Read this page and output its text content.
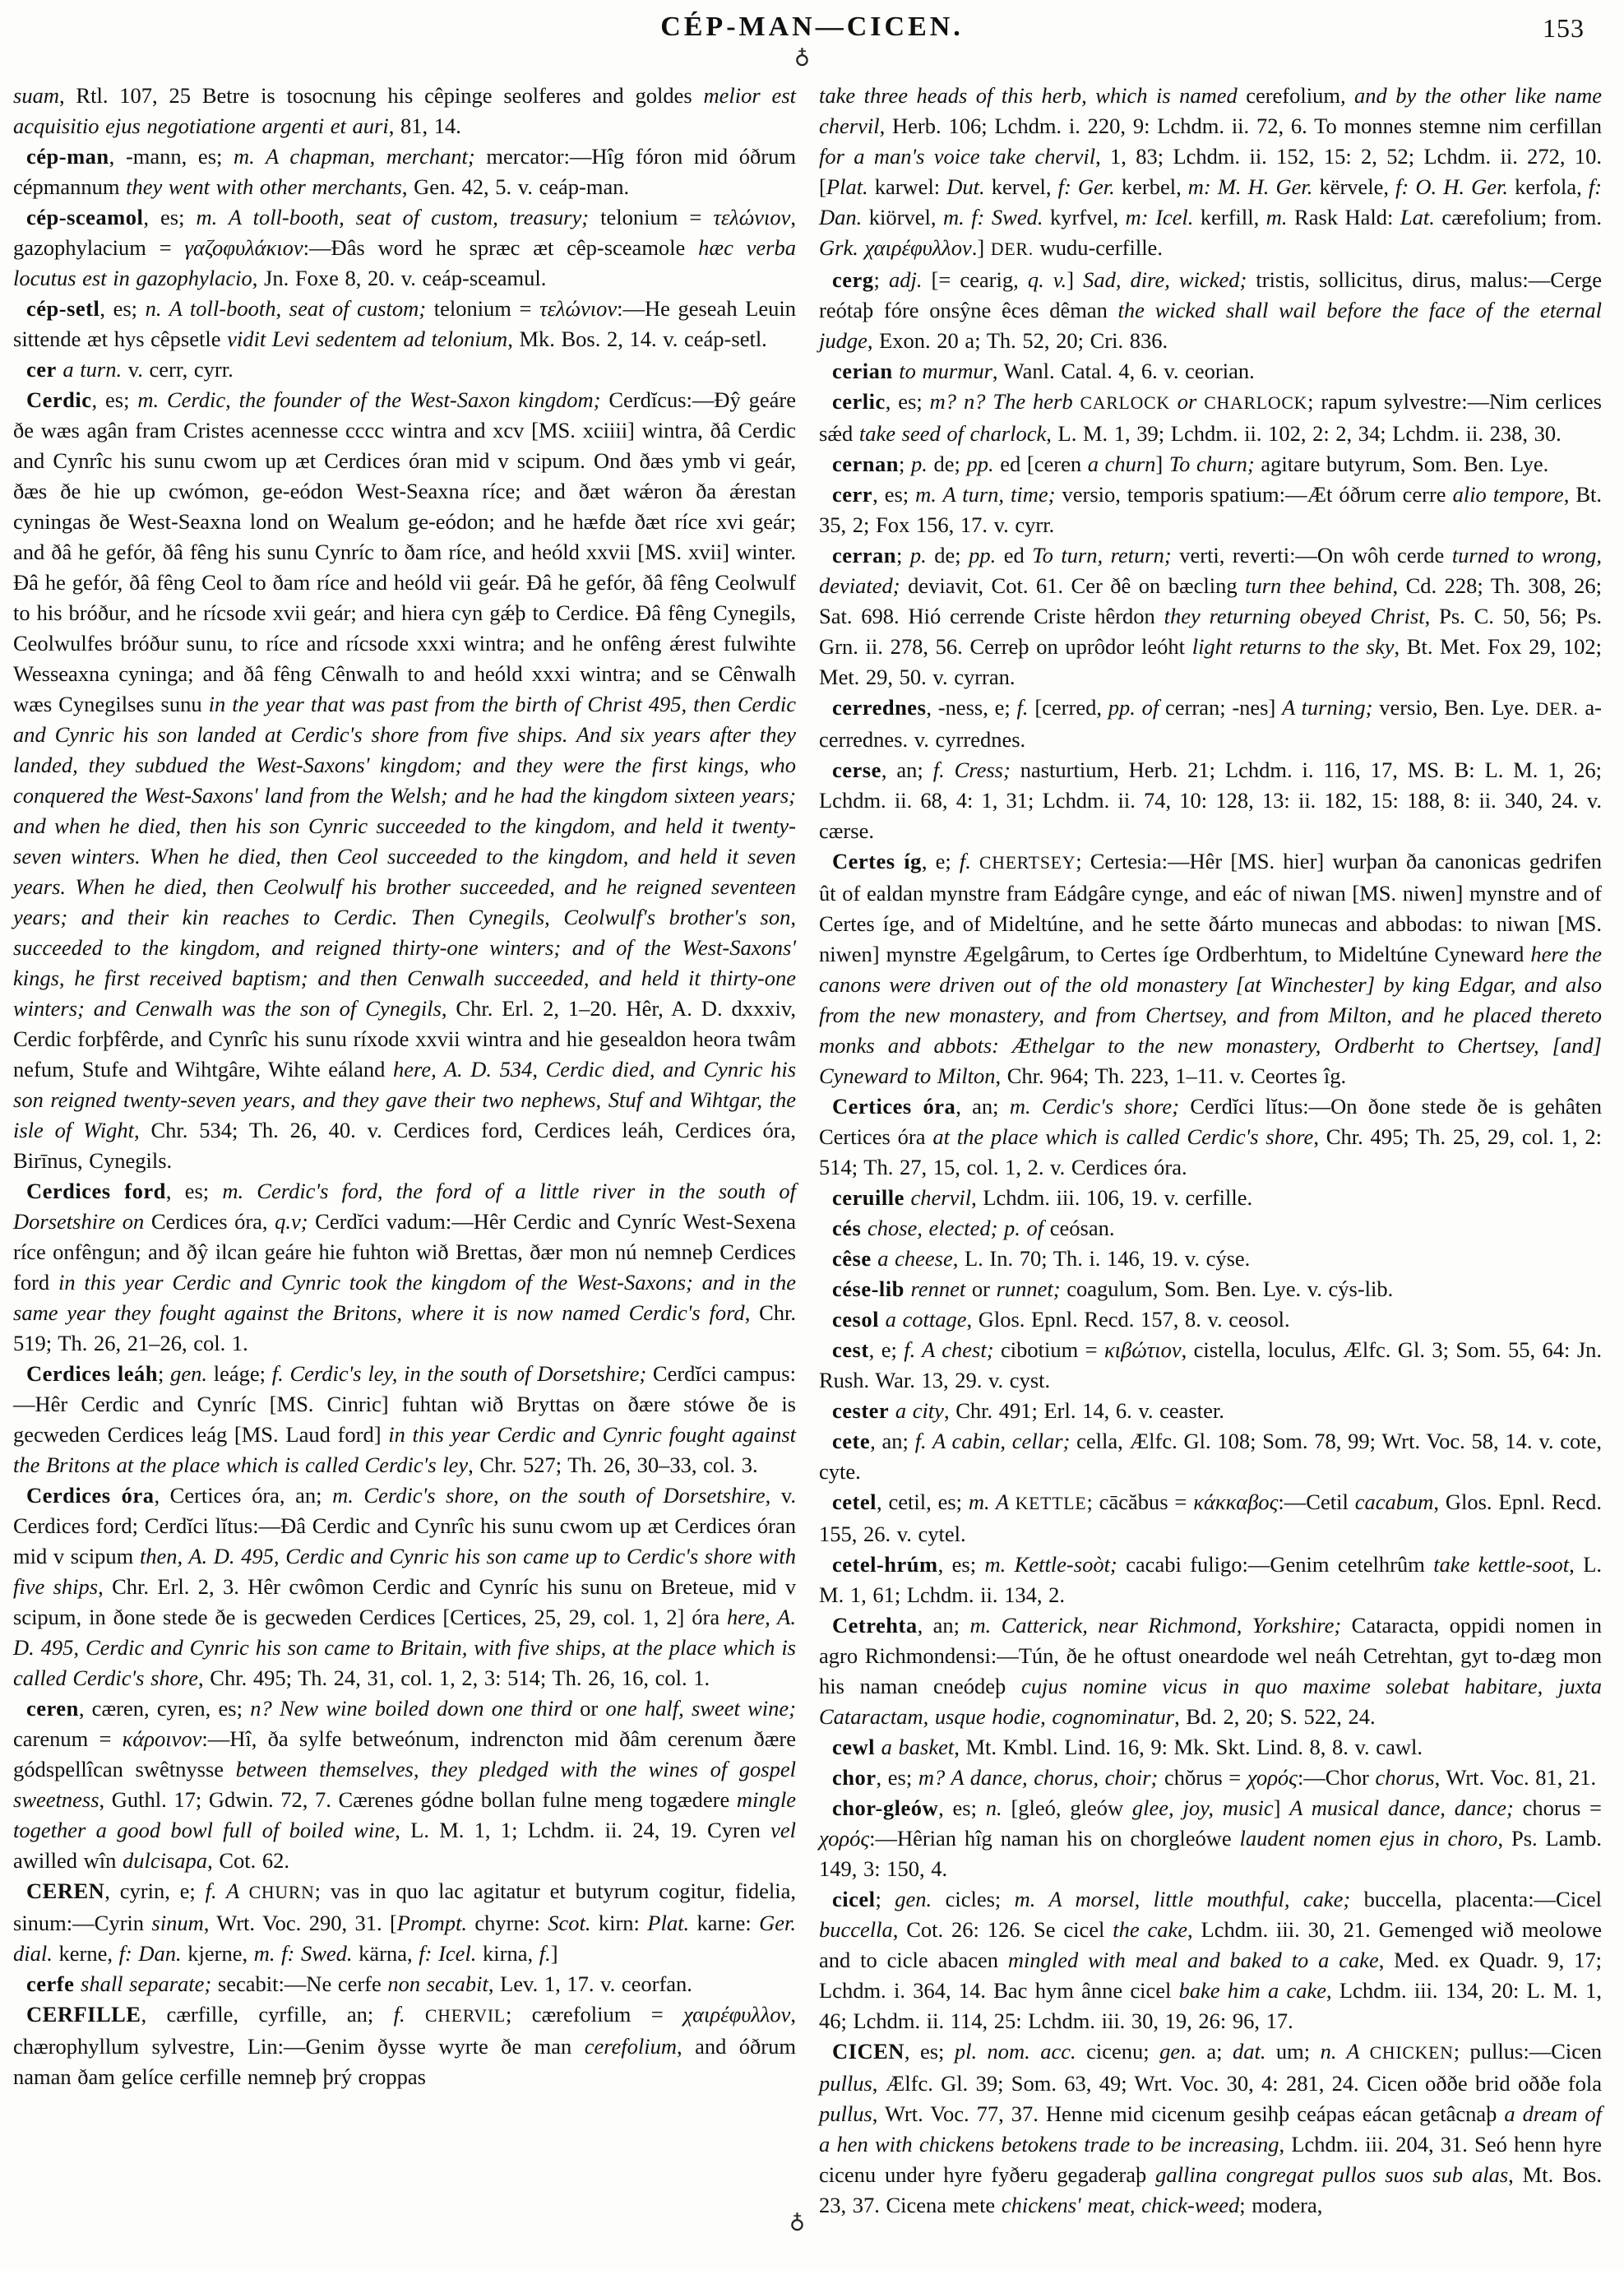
CÉP-MAN—CICEN.	153
♁
♁

suam, Rtl. 107, 25 Betre is tosocnung his cêpinge seolferes and goldes melior est acquisitio ejus negotiatione argenti et auri, 81, 14.

cép-man, -mann, es; m. A chapman, merchant; mercator:—Hîg fóron mid óðrum cépmannum they went with other merchants, Gen. 42, 5. v. ceáp-man.

cép-sceamol, es; m. A toll-booth, seat of custom, treasury; telonium = τελώνιον, gazophylacium = γαζοφυλάκιον:—Ðâs word he spræc æt cêp-sceamole hæc verba locutus est in gazophylacio, Jn. Foxe 8, 20. v. ceáp-sceamul.

cép-setl, es; n. A toll-booth, seat of custom; telonium = τελώνιον:—He geseah Leuin sittende æt hys cêpsetle vidit Levi sedentem ad telonium, Mk. Bos. 2, 14. v. ceáp-setl.

cer a turn. v. cerr, cyrr.

Cerdic, es; m. Cerdic, the founder of the West-Saxon kingdom; Cerdĭcus:—Ðŷ geáre ðe wæs agân fram Cristes acennesse cccc wintra and xcv [MS. xciiii] wintra, ðâ Cerdic and Cynrîc his sunu cwom up æt Cerdices óran mid v scipum. Ond ðæs ymb vi geár, ðæs ðe hie up cwómon, ge-eódon West-Seaxna ríce; and ðæt wǽron ða ǽrestan cyningas ðe West-Seaxna lond on Wealum ge-eódon; and he hæfde ðæt ríce xvi geár; and ðâ he gefór, ðâ fêng his sunu Cynríc to ðam ríce, and heóld xxvii [MS. xvii] winter. Ðâ he gefór, ðâ fêng Ceol to ðam ríce and heóld vii geár. Ðâ he gefór, ðâ fêng Ceolwulf to his bróður, and he rícsode xvii geár; and hiera cyn gǽþ to Cerdice. Ðâ fêng Cynegils, Ceolwulfes bróður sunu, to ríce and rícsode xxxi wintra; and he onfêng ǽrest fulwihte Wesseaxna cyninga; and ðâ fêng Cênwalh to and heóld xxxi wintra; and se Cênwalh wæs Cynegilses sunu in the year that was past from the birth of Christ 495, then Cerdic and Cynric his son landed at Cerdic's shore from five ships. And six years after they landed, they subdued the West-Saxons' kingdom; and they were the first kings, who conquered the West-Saxons' land from the Welsh; and he had the kingdom sixteen years; and when he died, then his son Cynric succeeded to the kingdom, and held it twenty-seven winters. When he died, then Ceol succeeded to the kingdom, and held it seven years. When he died, then Ceolwulf his brother succeeded, and he reigned seventeen years; and their kin reaches to Cerdic. Then Cynegils, Ceolwulf's brother's son, succeeded to the kingdom, and reigned thirty-one winters; and of the West-Saxons' kings, he first received baptism; and then Cenwalh succeeded, and held it thirty-one winters; and Cenwalh was the son of Cynegils, Chr. Erl. 2, 1–20. Hêr, A. D. dxxxiv, Cerdic forþfêrde, and Cynrîc his sunu ríxode xxvii wintra and hie gesealdon heora twâm nefum, Stufe and Wihtgâre, Wihte eáland here, A. D. 534, Cerdic died, and Cynric his son reigned twenty-seven years, and they gave their two nephews, Stuf and Wihtgar, the isle of Wight, Chr. 534; Th. 26, 40. v. Cerdices ford, Cerdices leáh, Cerdices óra, Birīnus, Cynegils.

Cerdices ford, es; m. Cerdic's ford, the ford of a little river in the south of Dorsetshire on Cerdices óra, q.v; Cerdĭci vadum:—Hêr Cerdic and Cynríc West-Sexena ríce onfêngun; and ðŷ ilcan geáre hie fuhton wið Brettas, ðær mon nú nemneþ Cerdices ford in this year Cerdic and Cynric took the kingdom of the West-Saxons; and in the same year they fought against the Britons, where it is now named Cerdic's ford, Chr. 519; Th. 26, 21–26, col. 1.

Cerdices leáh; gen. leáge; f. Cerdic's ley, in the south of Dorsetshire; Cerdĭci campus:—Hêr Cerdic and Cynríc [MS. Cinric] fuhtan wið Bryttas on ðære stówe ðe is gecweden Cerdices leág [MS. Laud ford] in this year Cerdic and Cynric fought against the Britons at the place which is called Cerdic's ley, Chr. 527; Th. 26, 30–33, col. 3.

Cerdices óra, Certices óra, an; m. Cerdic's shore, on the south of Dorsetshire, v. Cerdices ford; Cerdĭci lĭtus:—Ðâ Cerdic and Cynrîc his sunu cwom up æt Cerdices óran mid v scipum then, A. D. 495, Cerdic and Cynric his son came up to Cerdic's shore with five ships, Chr. Erl. 2, 3. Hêr cwômon Cerdic and Cynríc his sunu on Breteue, mid v scipum, in ðone stede ðe is gecweden Cerdices [Certices, 25, 29, col. 1, 2] óra here, A. D. 495, Cerdic and Cynric his son came to Britain, with five ships, at the place which is called Cerdic's shore, Chr. 495; Th. 24, 31, col. 1, 2, 3: 514; Th. 26, 16, col. 1.

ceren, cæren, cyren, es; n? New wine boiled down one third or one half, sweet wine; carenum = κάροινον:—Hî, ða sylfe betweónum, indrencton mid ðâm cerenum ðære gódspellîcan swêtnysse between themselves, they pledged with the wines of gospel sweetness, Guthl. 17; Gdwin. 72, 7. Cærenes gódne bollan fulne meng togædere mingle together a good bowl full of boiled wine, L. M. 1, 1; Lchdm. ii. 24, 19. Cyren vel awilled wîn dulcisapa, Cot. 62.

CEREN, cyrin, e; f. A CHURN; vas in quo lac agitatur et butyrum cogitur, fidelia, sinum:—Cyrin sinum, Wrt. Voc. 290, 31. [Prompt. chyrne: Scot. kirn: Plat. karne: Ger. dial. kerne, f: Dan. kjerne, m. f: Swed. kärna, f: Icel. kirna, f.]

cerfe shall separate; secabit:—Ne cerfe non secabit, Lev. 1, 17. v. ceorfan.

CERFILLE, cærfille, cyrfille, an; f. CHERVIL; cærefolium = χαιρέφυλλον, chærophyllum sylvestre, Lin:—Genim ðysse wyrte ðe man cerefolium, and óðrum naman ðam gelíce cerfille nemneþ þrý croppas

take three heads of this herb, which is named cerefolium, and by the other like name chervil, Herb. 106; Lchdm. i. 220, 9: Lchdm. ii. 72, 6. To monnes stemne nim cerfillan for a man's voice take chervil, 1, 83; Lchdm. ii. 152, 15: 2, 52; Lchdm. ii. 272, 10. [Plat. karwel: Dut. kervel, f: Ger. kerbel, m: M. H. Ger. kërvele, f: O. H. Ger. kerfola, f: Dan. kiörvel, m. f: Swed. kyrfvel, m: Icel. kerfill, m. Rask Hald: Lat. cærefolium; from. Grk. χαιρέφυλλον.] DER. wudu-cerfille.

cerg; adj. [= cearig, q. v.] Sad, dire, wicked; tristis, sollicitus, dirus, malus:—Cerge reótaþ fóre onsŷne êces dêman the wicked shall wail before the face of the eternal judge, Exon. 20 a; Th. 52, 20; Cri. 836.

cerian to murmur, Wanl. Catal. 4, 6. v. ceorian.

cerlic, es; m? n? The herb CARLOCK or CHARLOCK; rapum sylvestre:—Nim cerlices sǽd take seed of charlock, L. M. 1, 39; Lchdm. ii. 102, 2: 2, 34; Lchdm. ii. 238, 30.

cernan; p. de; pp. ed [ceren a churn] To churn; agitare butyrum, Som. Ben. Lye.

cerr, es; m. A turn, time; versio, temporis spatium:—Æt óðrum cerre alio tempore, Bt. 35, 2; Fox 156, 17. v. cyrr.

cerran; p. de; pp. ed To turn, return; verti, reverti:—On wôh cerde turned to wrong, deviated; deviavit, Cot. 61. Cer ðê on bæcling turn thee behind, Cd. 228; Th. 308, 26; Sat. 698. Hió cerrende Criste hêrdon they returning obeyed Christ, Ps. C. 50, 56; Ps. Grn. ii. 278, 56. Cerreþ on uprôdor leóht light returns to the sky, Bt. Met. Fox 29, 102; Met. 29, 50. v. cyrran.

cerrednes, -ness, e; f. [cerred, pp. of cerran; -nes] A turning; versio, Ben. Lye. DER. a-cerrednes. v. cyrrednes.

cerse, an; f. Cress; nasturtium, Herb. 21; Lchdm. i. 116, 17, MS. B: L. M. 1, 26; Lchdm. ii. 68, 4: 1, 31; Lchdm. ii. 74, 10: 128, 13: ii. 182, 15: 188, 8: ii. 340, 24. v. cærse.

Certes íg, e; f. CHERTSEY; Certesia:—Hêr [MS. hier] wurþan ða canonicas gedrifen ût of ealdan mynstre fram Eádgâre cynge, and eác of niwan [MS. niwen] mynstre and of Certes íge, and of Mideltúne, and he sette ðárto munecas and abbodas: to niwan [MS. niwen] mynstre Ægelgârum, to Certes íge Ordberhtum, to Mideltúne Cyneward here the canons were driven out of the old monastery [at Winchester] by king Edgar, and also from the new monastery, and from Chertsey, and from Milton, and he placed thereto monks and abbots: Æthelgar to the new monastery, Ordberht to Chertsey, [and] Cyneward to Milton, Chr. 964; Th. 223, 1–11. v. Ceortes îg.

Certices óra, an; m. Cerdic's shore; Cerdĭci lĭtus:—On ðone stede ðe is gehâten Certices óra at the place which is called Cerdic's shore, Chr. 495; Th. 25, 29, col. 1, 2: 514; Th. 27, 15, col. 1, 2. v. Cerdices óra.

ceruille chervil, Lchdm. iii. 106, 19. v. cerfille.

cés chose, elected; p. of ceósan.

cêse a cheese, L. In. 70; Th. i. 146, 19. v. cýse.

cése-lib rennet or runnet; coagulum, Som. Ben. Lye. v. cýs-lib.

cesol a cottage, Glos. Epnl. Recd. 157, 8. v. ceosol.

cest, e; f. A chest; cibotium = κιβώτιον, cistella, loculus, Ælfc. Gl. 3; Som. 55, 64: Jn. Rush. War. 13, 29. v. cyst.

cester a city, Chr. 491; Erl. 14, 6. v. ceaster.

cete, an; f. A cabin, cellar; cella, Ælfc. Gl. 108; Som. 78, 99; Wrt. Voc. 58, 14. v. cote, cyte.

cetel, cetil, es; m. A KETTLE; cācăbus = κάκκαβος:—Cetil cacabum, Glos. Epnl. Recd. 155, 26. v. cytel.

cetel-hrúm, es; m. Kettle-soòt; cacabi fuligo:—Genim cetelhrûm take kettle-soot, L. M. 1, 61; Lchdm. ii. 134, 2.

Cetrehta, an; m. Catterick, near Richmond, Yorkshire; Cataracta, oppidi nomen in agro Richmondensi:—Tún, ðe he oftust oneardode wel neáh Cetrehtan, gyt to-dæg mon his naman cneódeþ cujus nomine vicus in quo maxime solebat habitare, juxta Cataractam, usque hodie, cognominatur, Bd. 2, 20; S. 522, 24.

cewl a basket, Mt. Kmbl. Lind. 16, 9: Mk. Skt. Lind. 8, 8. v. cawl.

chor, es; m? A dance, chorus, choir; chŏrus = χορός:—Chor chorus, Wrt. Voc. 81, 21.

chor-gleów, es; n. [gleó, gleów glee, joy, music] A musical dance, dance; chorus = χορός:—Hêrian hîg naman his on chorgleówe laudent nomen ejus in choro, Ps. Lamb. 149, 3: 150, 4.

cicel; gen. cicles; m. A morsel, little mouthful, cake; buccella, placenta:—Cicel buccella, Cot. 26: 126. Se cicel the cake, Lchdm. iii. 30, 21. Gemenged wið meolowe and to cicle abacen mingled with meal and baked to a cake, Med. ex Quadr. 9, 17; Lchdm. i. 364, 14. Bac hym ânne cicel bake him a cake, Lchdm. iii. 134, 20: L. M. 1, 46; Lchdm. ii. 114, 25: Lchdm. iii. 30, 19, 26: 96, 17.

CICEN, es; pl. nom. acc. cicenu; gen. a; dat. um; n. A CHICKEN; pullus:—Cicen pullus, Ælfc. Gl. 39; Som. 63, 49; Wrt. Voc. 30, 4: 281, 24. Cicen oððe brid oððe fola pullus, Wrt. Voc. 77, 37. Henne mid cicenum gesihþ ceápas eácan getâcnaþ a dream of a hen with chickens betokens trade to be increasing, Lchdm. iii. 204, 31. Seó henn hyre cicenu under hyre fyðeru gegaderaþ gallina congregat pullos suos sub alas, Mt. Bos. 23, 37. Cicena mete chickens' meat, chick-weed; modera,
